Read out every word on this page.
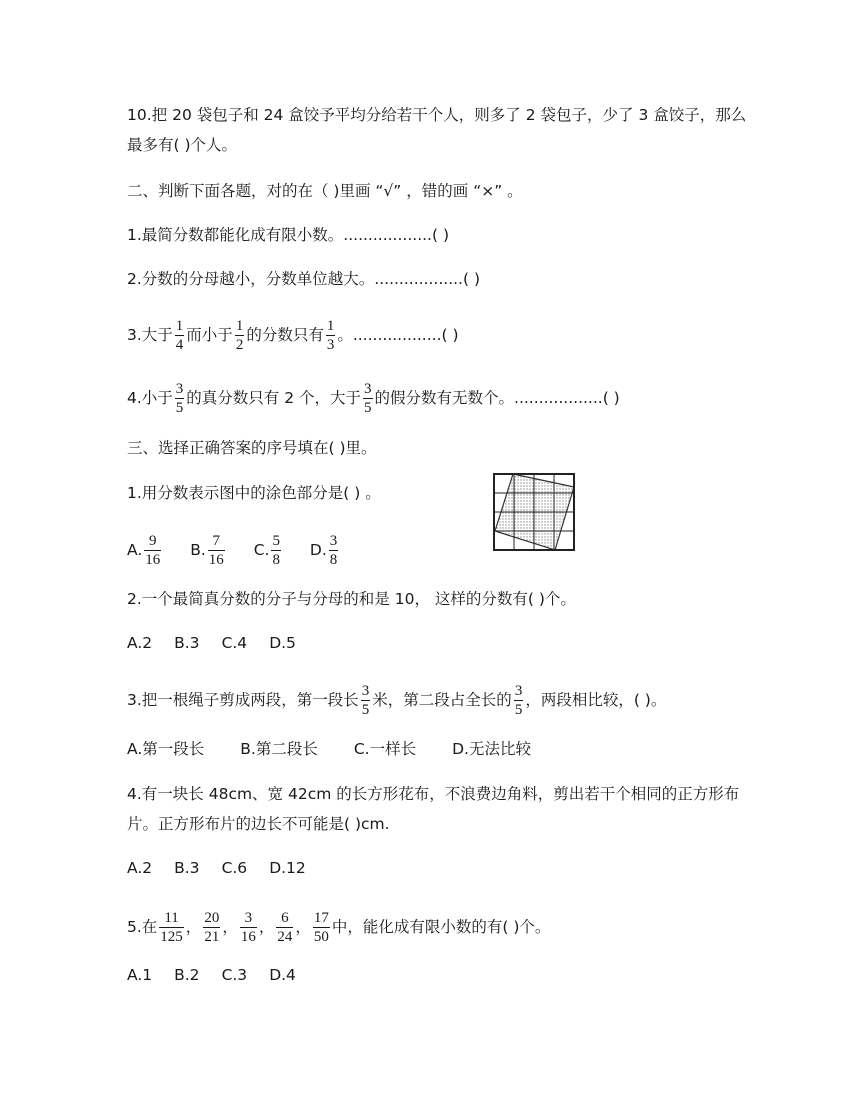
10.把 20 袋包子和 24 盒饺予平均分给若干个人，则多了 2 袋包子，少了 3 盒饺子，那么
最多有( )个人。
二、判断下面各题，对的在（ )里画 “√” ，错的画 “×” 。
1.最简分数都能化成有限小数。..................( )
2.分数的分母越小，分数单位越大。..................( )
3.大于 $\frac{1}{4}$ 而小于 $\frac{1}{2}$ 的分数只有 $\frac{1}{3}$ 。..................( )
4.小于 $\frac{3}{5}$ 的真分数只有 2 个，大于 $\frac{3}{5}$ 的假分数有无数个。..................( )
三、选择正确答案的序号填在( )里。
1.用分数表示图中的涂色部分是( ) 。
A. $\frac{9}{16} B$. $\frac{7}{16} C$. $\frac{5}{8} D$. $\frac{3}{8}$
2.一个最简真分数的分子与分母的和是 10， 这样的分数有( )个。
A.2 B.3 C.4 D.5
3.把一根绳子剪成两段，第一段长 $\frac{3}{5}$ 米，第二段占全长的 $\frac{3}{5}$ ，两段相比较，( )。
A.第一段长 B.第二段长 C.一样长 D.无法比较
4.有一块长 48cm、宽 42cm 的长方形花布，不浪费边角料，剪出若干个相同的正方形布
片。正方形布片的边长不可能是( )cm.
A.2 B.3 C.6 D.12
5.在 $\frac{11}{125}$ ， $\frac{20}{21}$ ， $\frac{3}{16}$ ， $\frac{6}{24}$ ， $\frac{17}{50}$ 中，能化成有限小数的有( )个。
A.1 B.2 C.3 D.4
